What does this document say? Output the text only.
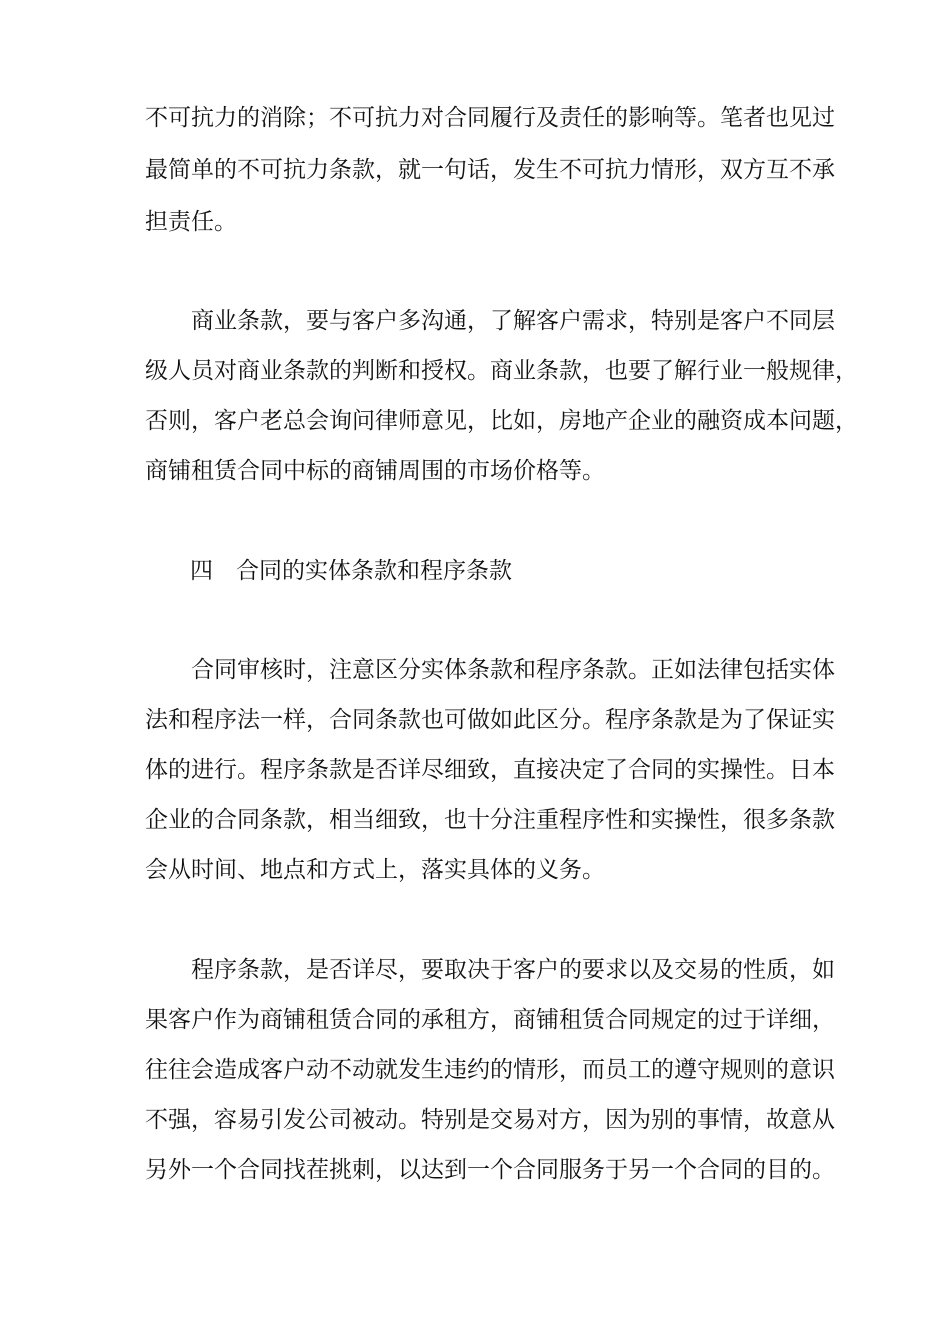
不可抗力的消除；不可抗力对合同履行及责任的影响等。笔者也见过
最简单的不可抗力条款，就一句话，发生不可抗力情形，双方互不承
担责任。
　　商业条款，要与客户多沟通，了解客户需求，特别是客户不同层
级人员对商业条款的判断和授权。商业条款，也要了解行业一般规律，
否则，客户老总会询问律师意见，比如，房地产企业的融资成本问题，
商铺租赁合同中标的商铺周围的市场价格等。
四　合同的实体条款和程序条款
　　合同审核时，注意区分实体条款和程序条款。正如法律包括实体
法和程序法一样，合同条款也可做如此区分。程序条款是为了保证实
体的进行。程序条款是否详尽细致，直接决定了合同的实操性。日本
企业的合同条款，相当细致，也十分注重程序性和实操性，很多条款
会从时间、地点和方式上，落实具体的义务。
　　程序条款，是否详尽，要取决于客户的要求以及交易的性质，如
果客户作为商铺租赁合同的承租方，商铺租赁合同规定的过于详细，
往往会造成客户动不动就发生违约的情形，而员工的遵守规则的意识
不强，容易引发公司被动。特别是交易对方，因为别的事情，故意从
另外一个合同找茬挑刺，以达到一个合同服务于另一个合同的目的。
